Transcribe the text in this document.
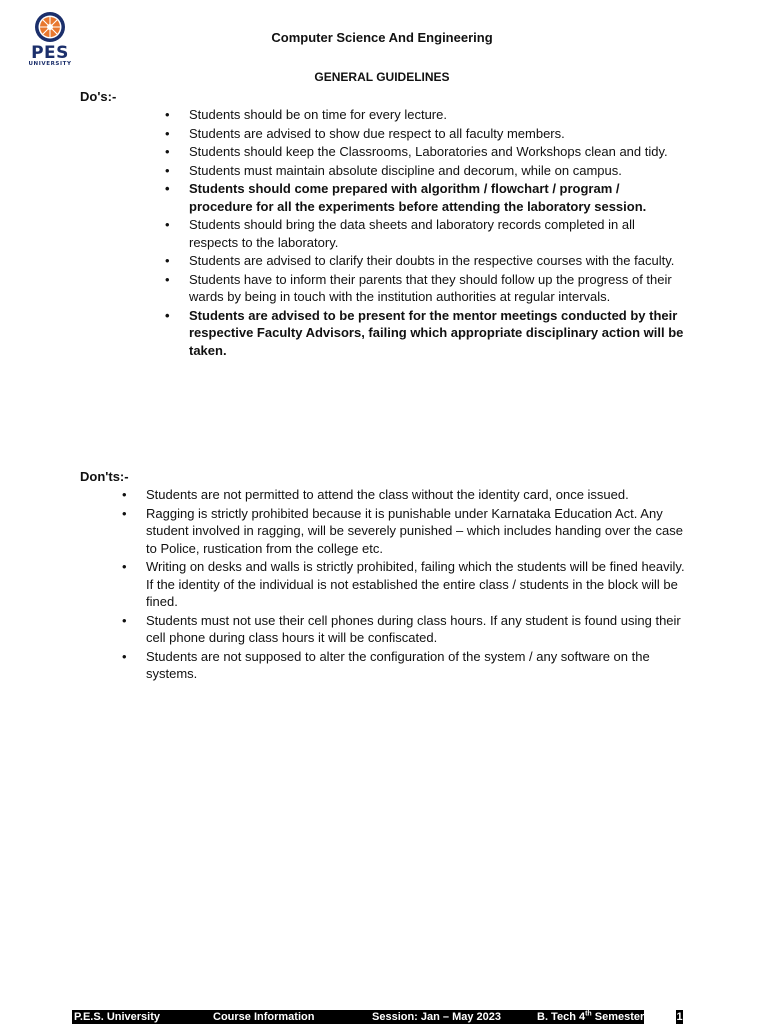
PES
UNIVERSITY
Computer Science And Engineering
GENERAL GUIDELINES
Do's:-
• Students should be on time for every lecture.
• Students are advised to show due respect to all faculty members.
• Students should keep the Classrooms, Laboratories and Workshops clean and tidy.
• Students must maintain absolute discipline and decorum, while on campus.
• Students should come prepared with algorithm / flowchart / program / procedure for all the experiments before attending the laboratory session.
• Students should bring the data sheets and laboratory records completed in all respects to the laboratory.
• Students are advised to clarify their doubts in the respective courses with the faculty.
• Students have to inform their parents that they should follow up the progress of their wards by being in touch with the institution authorities at regular intervals.
• Students are advised to be present for the mentor meetings conducted by their respective Faculty Advisors, failing which appropriate disciplinary action will be taken.
Don'ts:-
• Students are not permitted to attend the class without the identity card, once issued.
• Ragging is strictly prohibited because it is punishable under Karnataka Education Act. Any student involved in ragging, will be severely punished – which includes handing over the case to Police, rustication from the college etc.
• Writing on desks and walls is strictly prohibited, failing which the students will be fined heavily. If the identity of the individual is not established the entire class / students in the block will be fined.
• Students must not use their cell phones during class hours. If any student is found using their cell phone during class hours it will be confiscated.
• Students are not supposed to alter the configuration of the system / any software on the systems.
P.E.S. University	Course Information	Session: Jan – May 2023	B. Tech 4th Semester	1
